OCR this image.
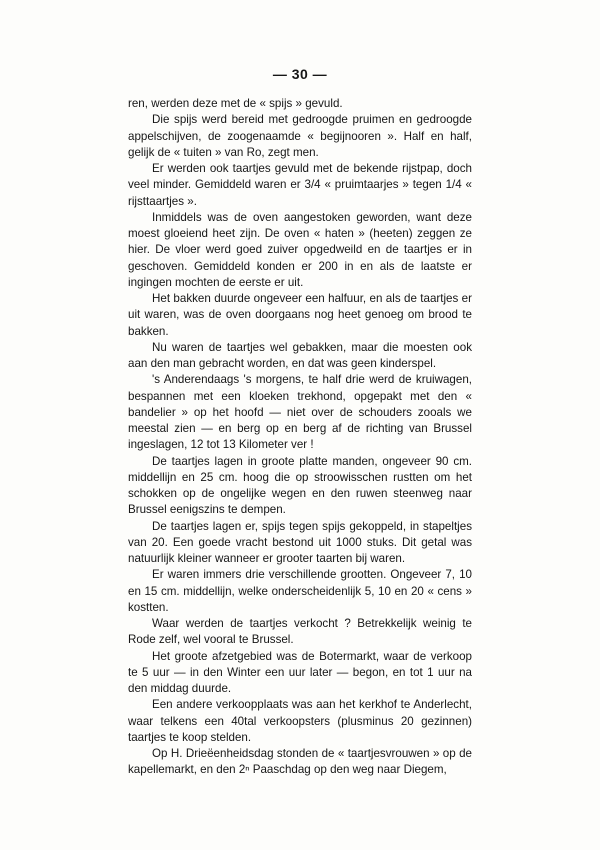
— 30 —

ren, werden deze met de « spijs » gevuld.

Die spijs werd bereid met gedroogde pruimen en gedroogde appelschijven, de zoogenaamde « begijnooren ». Half en half, gelijk de « tuiten » van Ro, zegt men.

Er werden ook taartjes gevuld met de bekende rijstpap, doch veel minder. Gemiddeld waren er 3/4 « pruimtaarjes » tegen 1/4 « rijsttaartjes ».

Inmiddels was de oven aangestoken geworden, want deze moest gloeiend heet zijn. De oven « haten » (heeten) zeggen ze hier. De vloer werd goed zuiver opgedweild en de taartjes er in geschoven. Gemiddeld konden er 200 in en als de laatste er ingingen mochten de eerste er uit.

Het bakken duurde ongeveer een halfuur, en als de taartjes er uit waren, was de oven doorgaans nog heet genoeg om brood te bakken.

Nu waren de taartjes wel gebakken, maar die moesten ook aan den man gebracht worden, en dat was geen kinderspel.

's Anderendaags 's morgens, te half drie werd de kruiwagen, bespannen met een kloeken trekhond, opgepakt met den « bandelier » op het hoofd — niet over de schouders zooals we meestal zien — en berg op en berg af de richting van Brussel ingeslagen, 12 tot 13 Kilometer ver !

De taartjes lagen in groote platte manden, ongeveer 90 cm. middellijn en 25 cm. hoog die op stroowisschen rustten om het schokken op de ongelijke wegen en den ruwen steenweg naar Brussel eenigszins te dempen.

De taartjes lagen er, spijs tegen spijs gekoppeld, in stapeltjes van 20. Een goede vracht bestond uit 1000 stuks. Dit getal was natuurlijk kleiner wanneer er grooter taarten bij waren.

Er waren immers drie verschillende grootten. Ongeveer 7, 10 en 15 cm. middellijn, welke onderscheidenlijk 5, 10 en 20 « cens » kostten.

Waar werden de taartjes verkocht ? Betrekkelijk weinig te Rode zelf, wel vooral te Brussel.

Het groote afzetgebied was de Botermarkt, waar de verkoop te 5 uur — in den Winter een uur later — begon, en tot 1 uur na den middag duurde.

Een andere verkoopplaats was aan het kerkhof te Anderlecht, waar telkens een 40tal verkoopsters (plusminus 20 gezinnen) taartjes te koop stelden.

Op H. Drieëenheidsdag stonden de « taartjesvrouwen » op de kapellemarkt, en den 2ⁿ Paaschdag op den weg naar Diegem,
